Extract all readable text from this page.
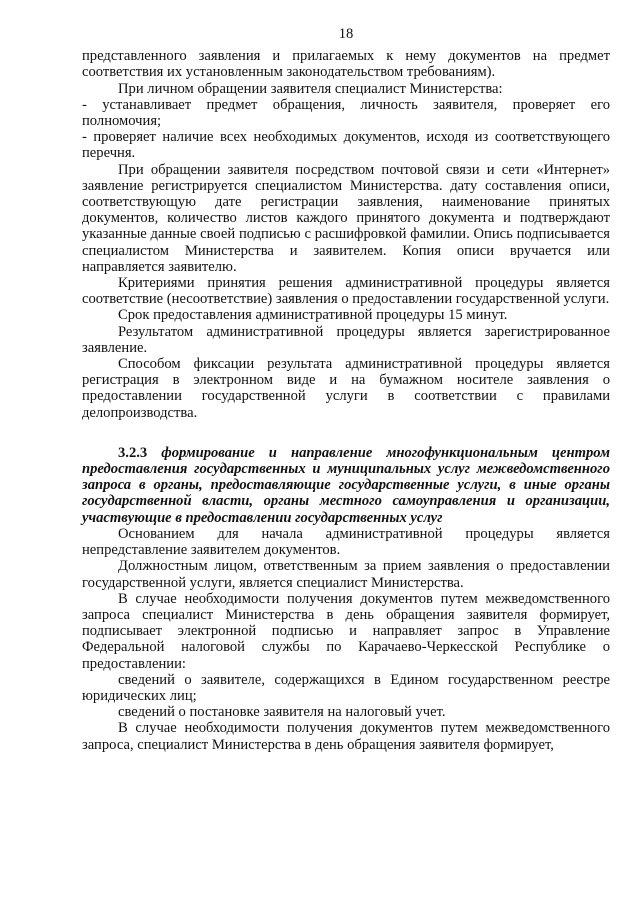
18

представленного заявления и прилагаемых к нему документов на предмет соответствия их установленным законодательством требованиям).

При личном обращении заявителя специалист Министерства:

- устанавливает предмет обращения, личность заявителя, проверяет его полномочия;

- проверяет наличие всех необходимых документов, исходя из соответствующего перечня.

При обращении заявителя посредством почтовой связи и сети «Интернет» заявление регистрируется специалистом Министерства. дату составления описи, соответствующую дате регистрации заявления, наименование принятых документов, количество листов каждого принятого документа и подтверждают указанные данные своей подписью с расшифровкой фамилии. Опись подписывается специалистом Министерства и заявителем. Копия описи вручается или направляется заявителю.

Критериями принятия решения административной процедуры является соответствие (несоответствие) заявления о предоставлении государственной услуги.

Срок предоставления административной процедуры 15 минут.

Результатом административной процедуры является зарегистрированное заявление.

Способом фиксации результата административной процедуры является регистрация в электронном виде и на бумажном носителе заявления о предоставлении государственной услуги в соответствии с правилами делопроизводства.

3.2.3 формирование и направление многофункциональным центром предоставления государственных и муниципальных услуг межведомственного запроса в органы, предоставляющие государственные услуги, в иные органы государственной власти, органы местного самоуправления и организации, участвующие в предоставлении государственных услуг

Основанием для начала административной процедуры является непредставление заявителем документов.

Должностным лицом, ответственным за прием заявления о предоставлении государственной услуги, является специалист Министерства.

В случае необходимости получения документов путем межведомственного запроса специалист Министерства в день обращения заявителя формирует, подписывает электронной подписью и направляет запрос в Управление Федеральной налоговой службы по Карачаево-Черкесской Республике о предоставлении:

сведений о заявителе, содержащихся в Едином государственном реестре юридических лиц;

сведений о постановке заявителя на налоговый учет.

В случае необходимости получения документов путем межведомственного запроса, специалист Министерства в день обращения заявителя формирует,
